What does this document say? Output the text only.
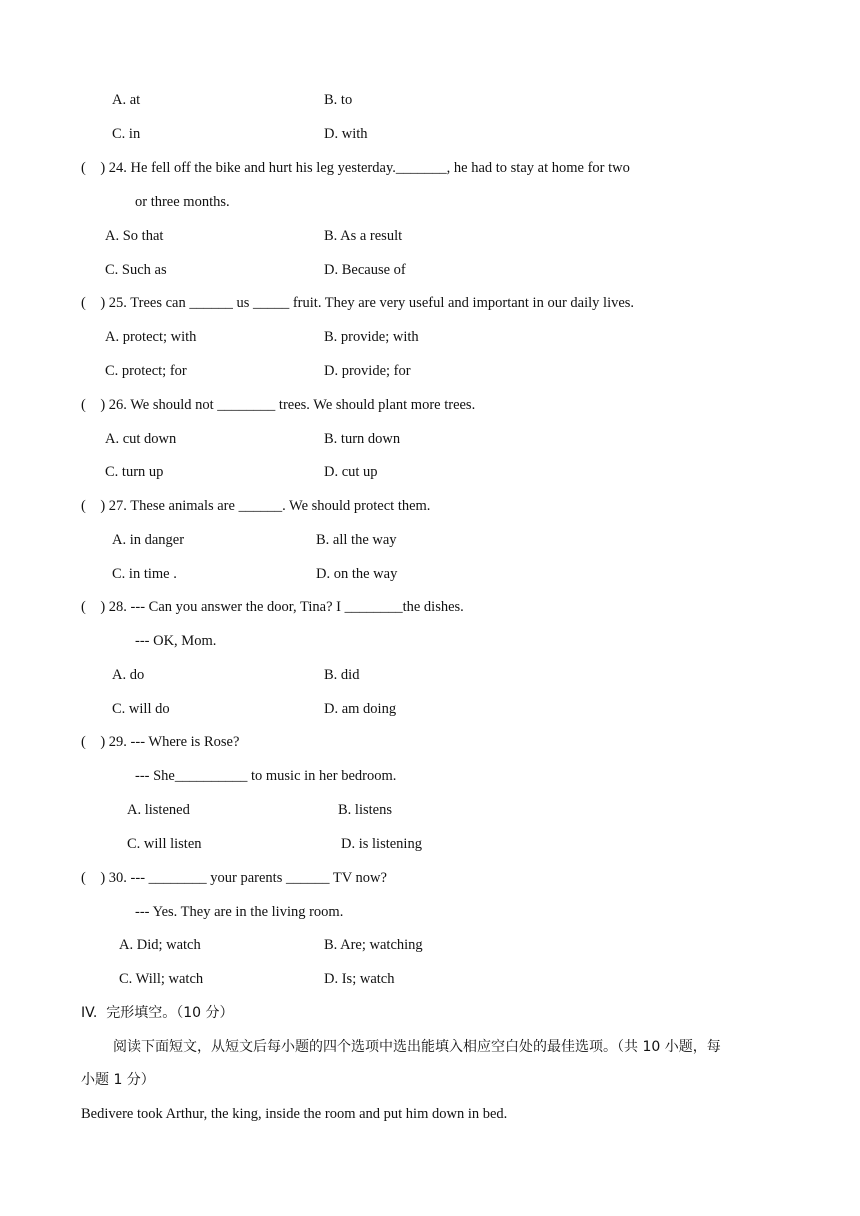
A. at	B. to
C. in	D. with
(    ) 24. He fell off the bike and hurt his leg yesterday._______, he had to stay at home for two
or three months.
A. So that	B. As a result
C. Such as	D. Because of
(    ) 25. Trees can ______ us _____ fruit. They are very useful and important in our daily lives.
A. protect; with	B. provide; with
C. protect; for	D. provide; for
(    ) 26. We should not ________ trees. We should plant more trees.
A. cut down	B. turn down
C. turn up	D. cut up
(    ) 27. These animals are ______. We should protect them.
A. in danger	B. all the way
C. in time .	D. on the way
(    ) 28. --- Can you answer the door, Tina? I ________the dishes.
--- OK, Mom.
A. do	B. did
C. will do	D. am doing
(    ) 29. --- Where is Rose?
--- She__________ to music in her bedroom.
A. listened	B. listens
C. will listen	D. is listening
(    ) 30. --- ________ your parents ______ TV now?
--- Yes. They are in the living room.
A. Did; watch	B. Are; watching
C. Will; watch	D. Is; watch
IV.  完形填空。（10 分）
阅读下面短文，从短文后每小题的四个选项中选出能填入相应空白处的最佳选项。（共 10 小题，每
小题 1 分）
Bedivere took Arthur, the king, inside the room and put him down in bed.
